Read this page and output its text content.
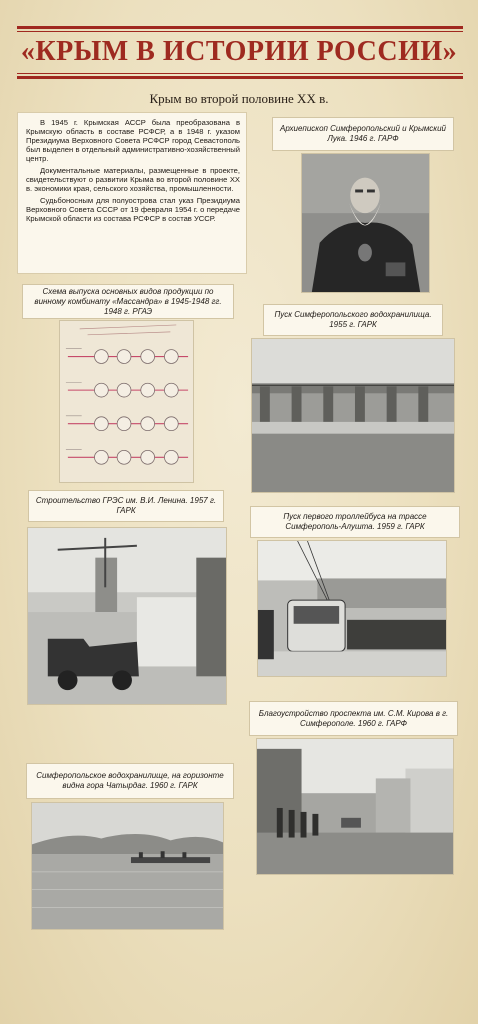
«КРЫМ В ИСТОРИИ РОССИИ»
Крым во второй половине XX в.

В 1945 г. Крымская АССР была преобразована в Крымскую область в составе РСФСР, а в 1948 г. указом Президиума Верховного Совета РСФСР город Севастополь был выделен в отдельный административно-хозяйственный центр.

Документальные материалы, размещенные в проекте, свидетельствуют о развитии Крыма во второй половине XX в. экономики края, сельского хозяйства, промышленности.

Судьбоносным для полуострова стал указ Президиума Верховного Совета СССР от 19 февраля 1954 г. о передаче Крымской области из состава РСФСР в состав УССР.

Архиепископ Симферопольский и Крымский Лука. 1946 г. ГАРФ
Схема выпуска основных видов продукции по винному комбинату «Массандра» в 1945-1948 гг. 1948 г. РГАЭ	Пуск Симферопольского водохранилища. 1955 г. ГАРК
Строительство ГРЭС им. В.И. Ленина. 1957 г. ГАРК
Пуск первого троллейбуса на трассе Симферополь-Алушта. 1959 г. ГАРК
Благоустройство проспекта им. С.М. Кирова в г. Симферополе. 1960 г. ГАРФ
Симферопольское водохранилище, на горизонте видна гора Чатырдаг. 1960 г. ГАРК
